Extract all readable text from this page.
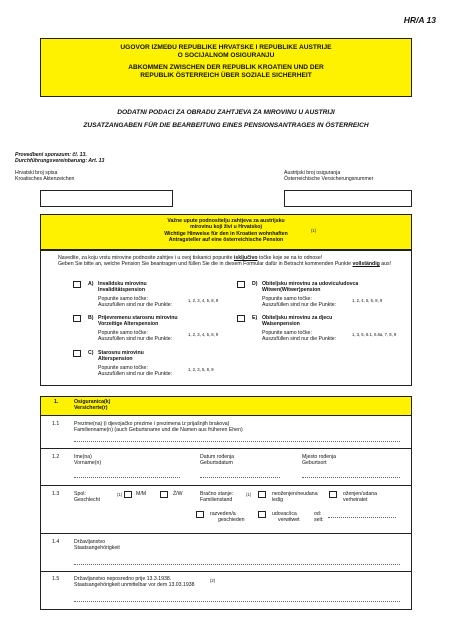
HR/A 13
UGOVOR IZMEĐU REPUBLIKE HRVATSKE I REPUBLIKE AUSTRIJE
O SOCIJALNOM OSIGURANJU
ABKOMMEN ZWISCHEN DER REPUBLIK KROATIEN UND DER
REPUBLIK ÖSTERREICH ÜBER SOZIALE SICHERHEIT
DODATNI PODACI ZA OBRADU ZAHTJEVA ZA MIROVINU U AUSTRIJI
ZUSATZANGABEN FÜR DIE BEARBEITUNG EINES PENSIONSANTRAGES IN ÖSTERREICH
Provedbeni sporazum: čl. 13.
Durchführungsvereinbarung: Art. 13
Hrvatski broj spisa
Kroatisches Aktenzeichen
Austrijski broj osiguranja
Österreichische Versicherungsnummer
Važne upute podnositelju zahtjeva za austrijsku
mirovinu koji živi u Hrvatskoj
Wichtige Hinweise für den in Kroatien wohnhaften
Antragsteller auf eine österreichische Pension
(1)
Navedite, za koju vrstu mirovine podnosite zahtjev i u ovoj tiskanici popunite isključivo točke koje se na to odnose!
Geben Sie bitte an, welche Pension Sie beantragen und füllen Sie die in diesem Formular dafür in Betracht kommenden Punkte vollständig aus!
A) Invalidsku mirovinu
Invaliditätspension
Popunite samo točke:
Auszufüllen sind nur die Punkte:
1, 2, 3, 4, 5, 8, 9
B) Prijevremenu starosnu mirovinu
Vorzeitige Alterspension
Popunite samo točke:
Auszufüllen sind nur die Punkte:
1, 2, 3, 4, 5, 8, 9
C) Starosnu mirovinu
Alterspension
Popunite samo točke:
Auszufüllen sind nur die Punkte:
1, 2, 3, 5, 8, 9
D) Obiteljsku mirovinu za udovicu/udovca
Witwen(Witwer)pension
Popunite samo točke:
Auszufüllen sind nur die Punkte:
1, 2, 4, 5, 6, 8, 9
E) Obiteljsku mirovinu za djecu
Waisenpension
Popunite samo točke:
Auszufüllen sind nur die Punkte:
1, 3, 5, 6.1, 6.6a, 7, 8, 9
1.	Osiguranica(k)
Versicherte(r)
1.1	Prezime(na) (i djevojačko prezime i prezimena iz prijašnjih brakova)
Familienname(n) (auch Geburtsname und die Namen aus früheren Ehen)
1.2	Ime(na)
Vorname(n)
Datum rođenja
Geburtsdatum
Mjesto rođenja
Geburtsort
1.3	Spol:
Geschlecht
(1)	M/M	Ž/W	Bračno stanje:
Familienstand
(1)	neoženjen/neudana
ledig
oženjen/udana
verheiratet
razveden/a
geschieden
udovac/ica
verwitwet
od:
seit:
1.4	Državljanstvo
Staatsangehörigkeit
1.5	Državljanstvo neposredno prije 13.3.1938.
Staatsangehörigkeit unmittelbar vor dem 13.03.1938
(2)
